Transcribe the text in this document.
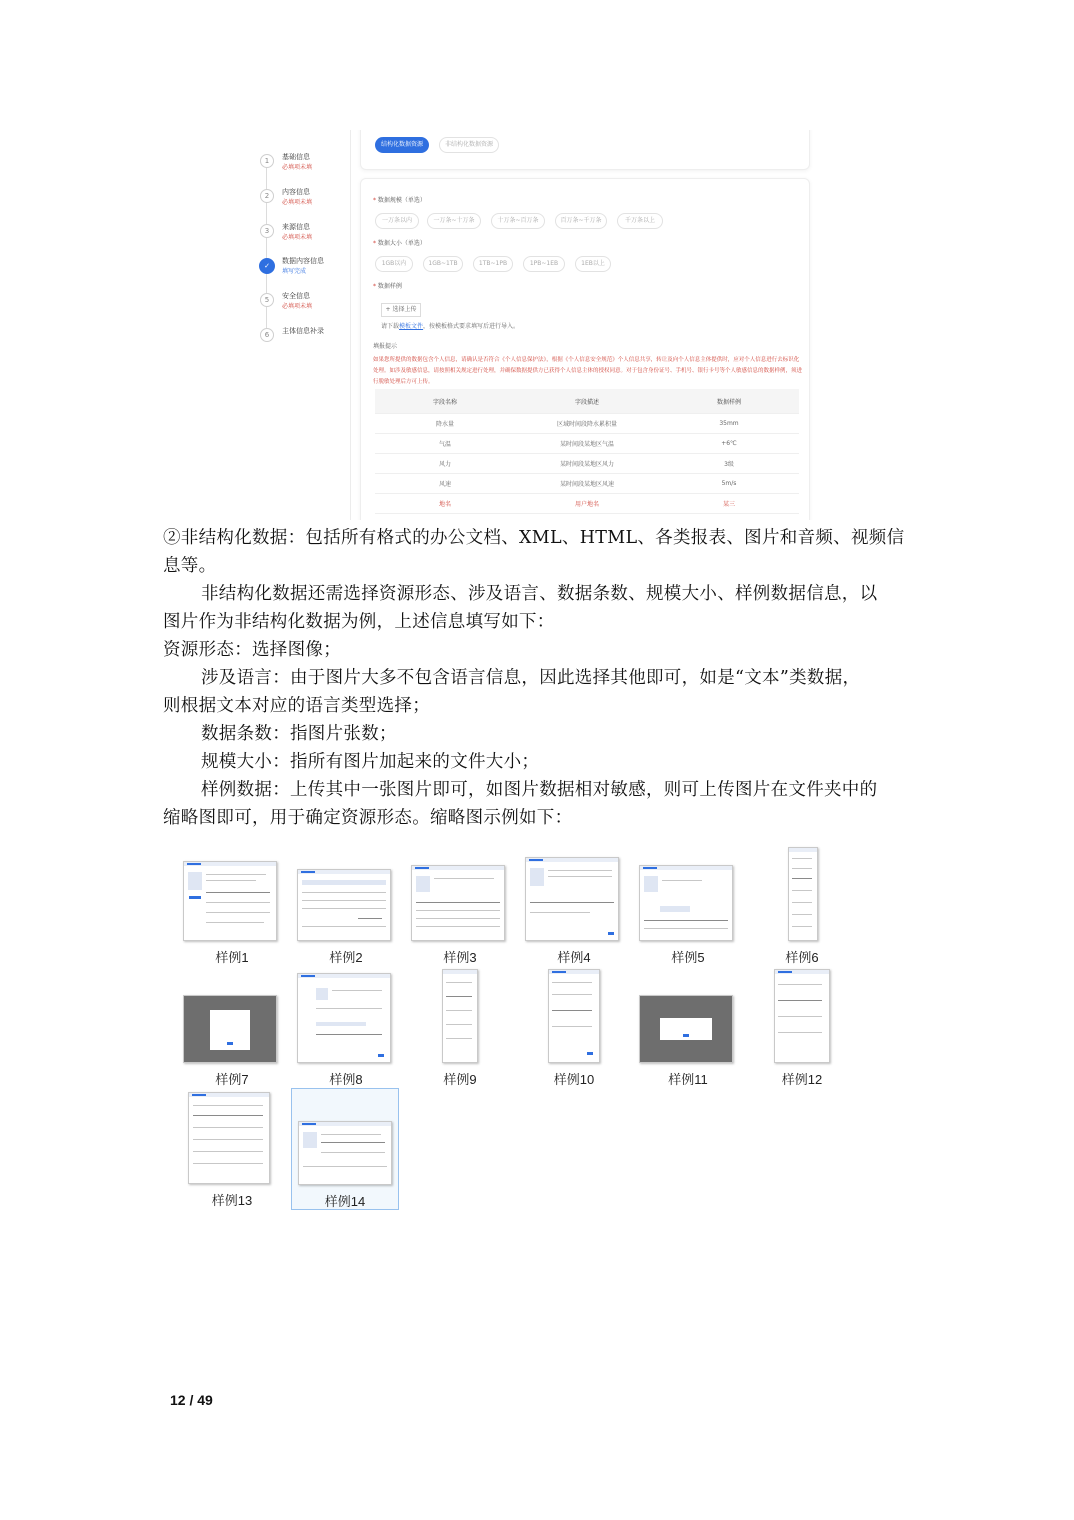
1	基础信息
必填项未填
2	内容信息
必填项未填
3	来源信息
必填项未填
✓
数据内容信息
填写完成
5	安全信息
必填项未填
6	主体信息补录
结构化数据资源	非结构化数据资源
* 数据规模（单选）
一万条以内	一万条~十万条	十万条~百万条	百万条~千万条	千万条以上
* 数据大小（单选）
1GB以内	1GB~1TB	1TB~1PB	1PB~1EB	1EB以上
* 数据样例
+ 选择上传
请下载模板文件，按模板格式要求填写后进行导入。
填报提示
如果您所提供的数据包含个人信息，请确认是否符合《个人信息保护法》，根据《个人信息安全规范》个人信息共享，转让及向个人信息主体提供时，应对个人信息进行去标识化处理。如涉及敏感信息，请按照相关规定进行处理，并确保数据提供方已获得个人信息主体的授权同意。对于包含身份证号、手机号、银行卡号等个人敏感信息的数据样例，须进行脱敏处理后方可上传。
字段名称	字段描述	数据样例
降水量	区域时间段降水累积量	35mm
气温	某时间段某地区气温	+6℃
风力	某时间段某地区风力	3级
风速	某时间段某地区风速	5m/s
地名	用户地名	某三
②非结构化数据：包括所有格式的办公文档、XML、HTML、各类报表、图片和音频、视频信
息等。
非结构化数据还需选择资源形态、涉及语言、数据条数、规模大小、样例数据信息，以
图片作为非结构化数据为例，上述信息填写如下：
资源形态：选择图像；
涉及语言：由于图片大多不包含语言信息，因此选择其他即可，如是“文本”类数据，
则根据文本对应的语言类型选择；
数据条数：指图片张数；
规模大小：指所有图片加起来的文件大小；
样例数据：上传其中一张图片即可，如图片数据相对敏感，则可上传图片在文件夹中的
缩略图即可，用于确定资源形态。缩略图示例如下：
样例1	样例2	样例3	样例4	样例5	样例6
样例7	样例8	样例9	样例10	样例11	样例12
样例13	样例14
12 / 49
